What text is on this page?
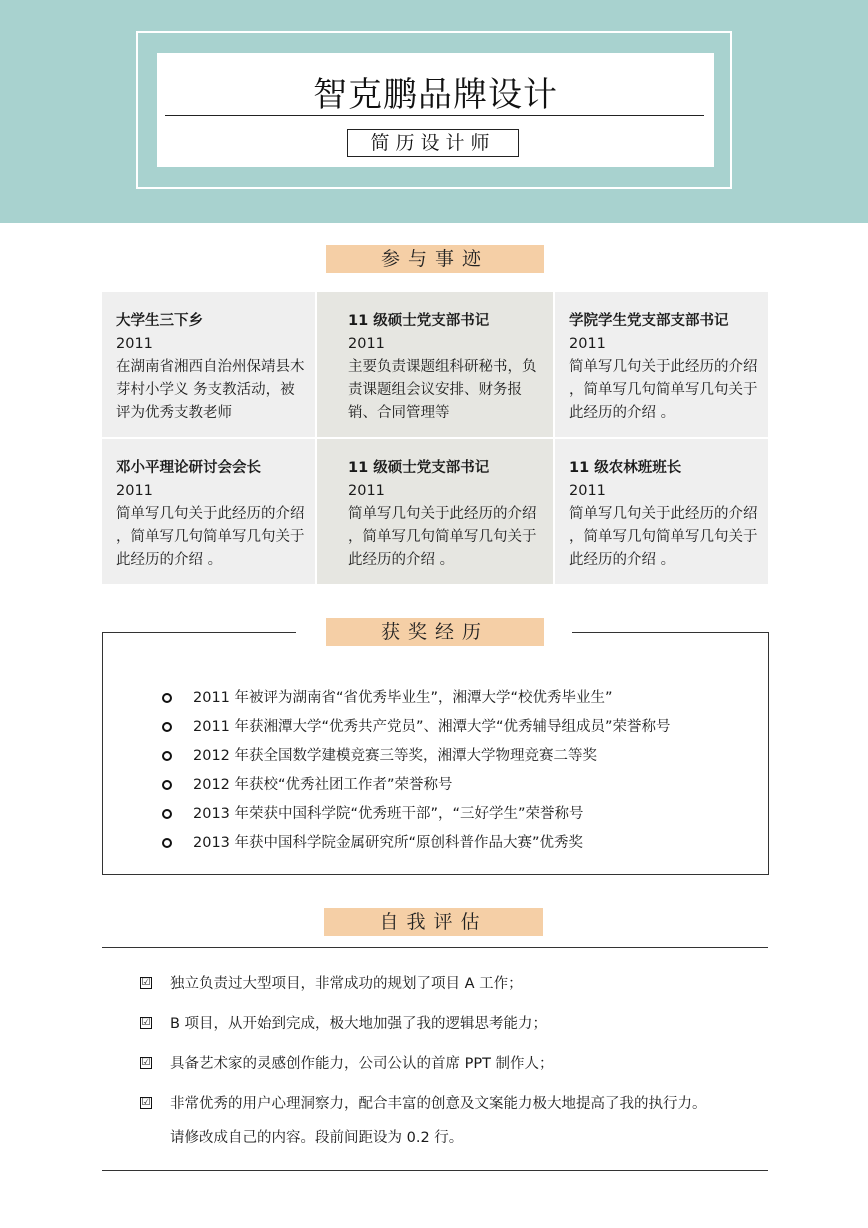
智克鹏品牌设计
简历设计师
参与事迹
大学生三下乡
2011
在湖南省湘西自治州保靖县木芽村小学义 务支教活动，被评为优秀支教老师
11 级硕士党支部书记
2011
主要负责课题组科研秘书，负责课题组会议安排、财务报销、合同管理等
学院学生党支部支部书记
2011
简单写几句关于此经历的介绍 ，简单写几句简单写几句关于此经历的介绍 。
邓小平理论研讨会会长
2011
简单写几句关于此经历的介绍 ，简单写几句简单写几句关于此经历的介绍 。
11 级硕士党支部书记
2011
简单写几句关于此经历的介绍 ，简单写几句简单写几句关于此经历的介绍 。
11 级农林班班长
2011
简单写几句关于此经历的介绍 ，简单写几句简单写几句关于此经历的介绍 。
获奖经历
2011 年被评为湖南省“省优秀毕业生”，湘潭大学“校优秀毕业生”
2011 年获湘潭大学“优秀共产党员”、湘潭大学“优秀辅导组成员”荣誉称号
2012 年获全国数学建模竞赛三等奖，湘潭大学物理竞赛二等奖
2012 年获校“优秀社团工作者”荣誉称号
2013 年荣获中国科学院“优秀班干部”，“三好学生”荣誉称号
2013 年获中国科学院金属研究所“原创科普作品大赛”优秀奖
自我评估
☑ 独立负责过大型项目，非常成功的规划了项目 A 工作；
☑ B 项目，从开始到完成，极大地加强了我的逻辑思考能力；
☑ 具备艺术家的灵感创作能力，公司公认的首席 PPT 制作人；
☑ 非常优秀的用户心理洞察力，配合丰富的创意及文案能力极大地提高了我的执行力。
请修改成自己的内容。段前间距设为 0.2 行。
